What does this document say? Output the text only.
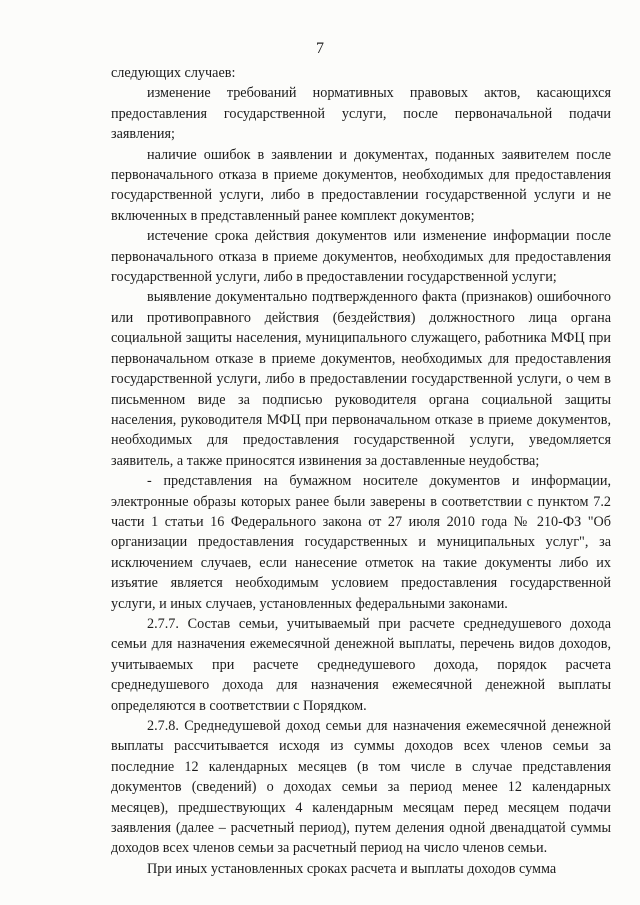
7

следующих случаев:

изменение требований нормативных правовых актов, касающихся предоставления государственной услуги, после первоначальной подачи заявления;

наличие ошибок в заявлении и документах, поданных заявителем после первоначального отказа в приеме документов, необходимых для предоставления государственной услуги, либо в предоставлении государственной услуги и не включенных в представленный ранее комплект документов;

истечение срока действия документов или изменение информации после первоначального отказа в приеме документов, необходимых для предоставления государственной услуги, либо в предоставлении государственной услуги;

выявление документально подтвержденного факта (признаков) ошибочного или противоправного действия (бездействия) должностного лица органа социальной защиты населения, муниципального служащего, работника МФЦ при первоначальном отказе в приеме документов, необходимых для предоставления государственной услуги, либо в предоставлении государственной услуги, о чем в письменном виде за подписью руководителя органа социальной защиты населения, руководителя МФЦ при первоначальном отказе в приеме документов, необходимых для предоставления государственной услуги, уведомляется заявитель, а также приносятся извинения за доставленные неудобства;

- представления на бумажном носителе документов и информации, электронные образы которых ранее были заверены в соответствии с пунктом 7.2 части 1 статьи 16 Федерального закона от 27 июля 2010 года № 210-ФЗ "Об организации предоставления государственных и муниципальных услуг", за исключением случаев, если нанесение отметок на такие документы либо их изъятие является необходимым условием предоставления государственной услуги, и иных случаев, установленных федеральными законами.

2.7.7. Состав семьи, учитываемый при расчете среднедушевого дохода семьи для назначения ежемесячной денежной выплаты, перечень видов доходов, учитываемых при расчете среднедушевого дохода, порядок расчета среднедушевого дохода для назначения ежемесячной денежной выплаты определяются в соответствии с Порядком.

2.7.8. Среднедушевой доход семьи для назначения ежемесячной денежной выплаты рассчитывается исходя из суммы доходов всех членов семьи за последние 12 календарных месяцев (в том числе в случае представления документов (сведений) о доходах семьи за период менее 12 календарных месяцев), предшествующих 4 календарным месяцам перед месяцем подачи заявления (далее – расчетный период), путем деления одной двенадцатой суммы доходов всех членов семьи за расчетный период на число членов семьи.

При иных установленных сроках расчета и выплаты доходов сумма
